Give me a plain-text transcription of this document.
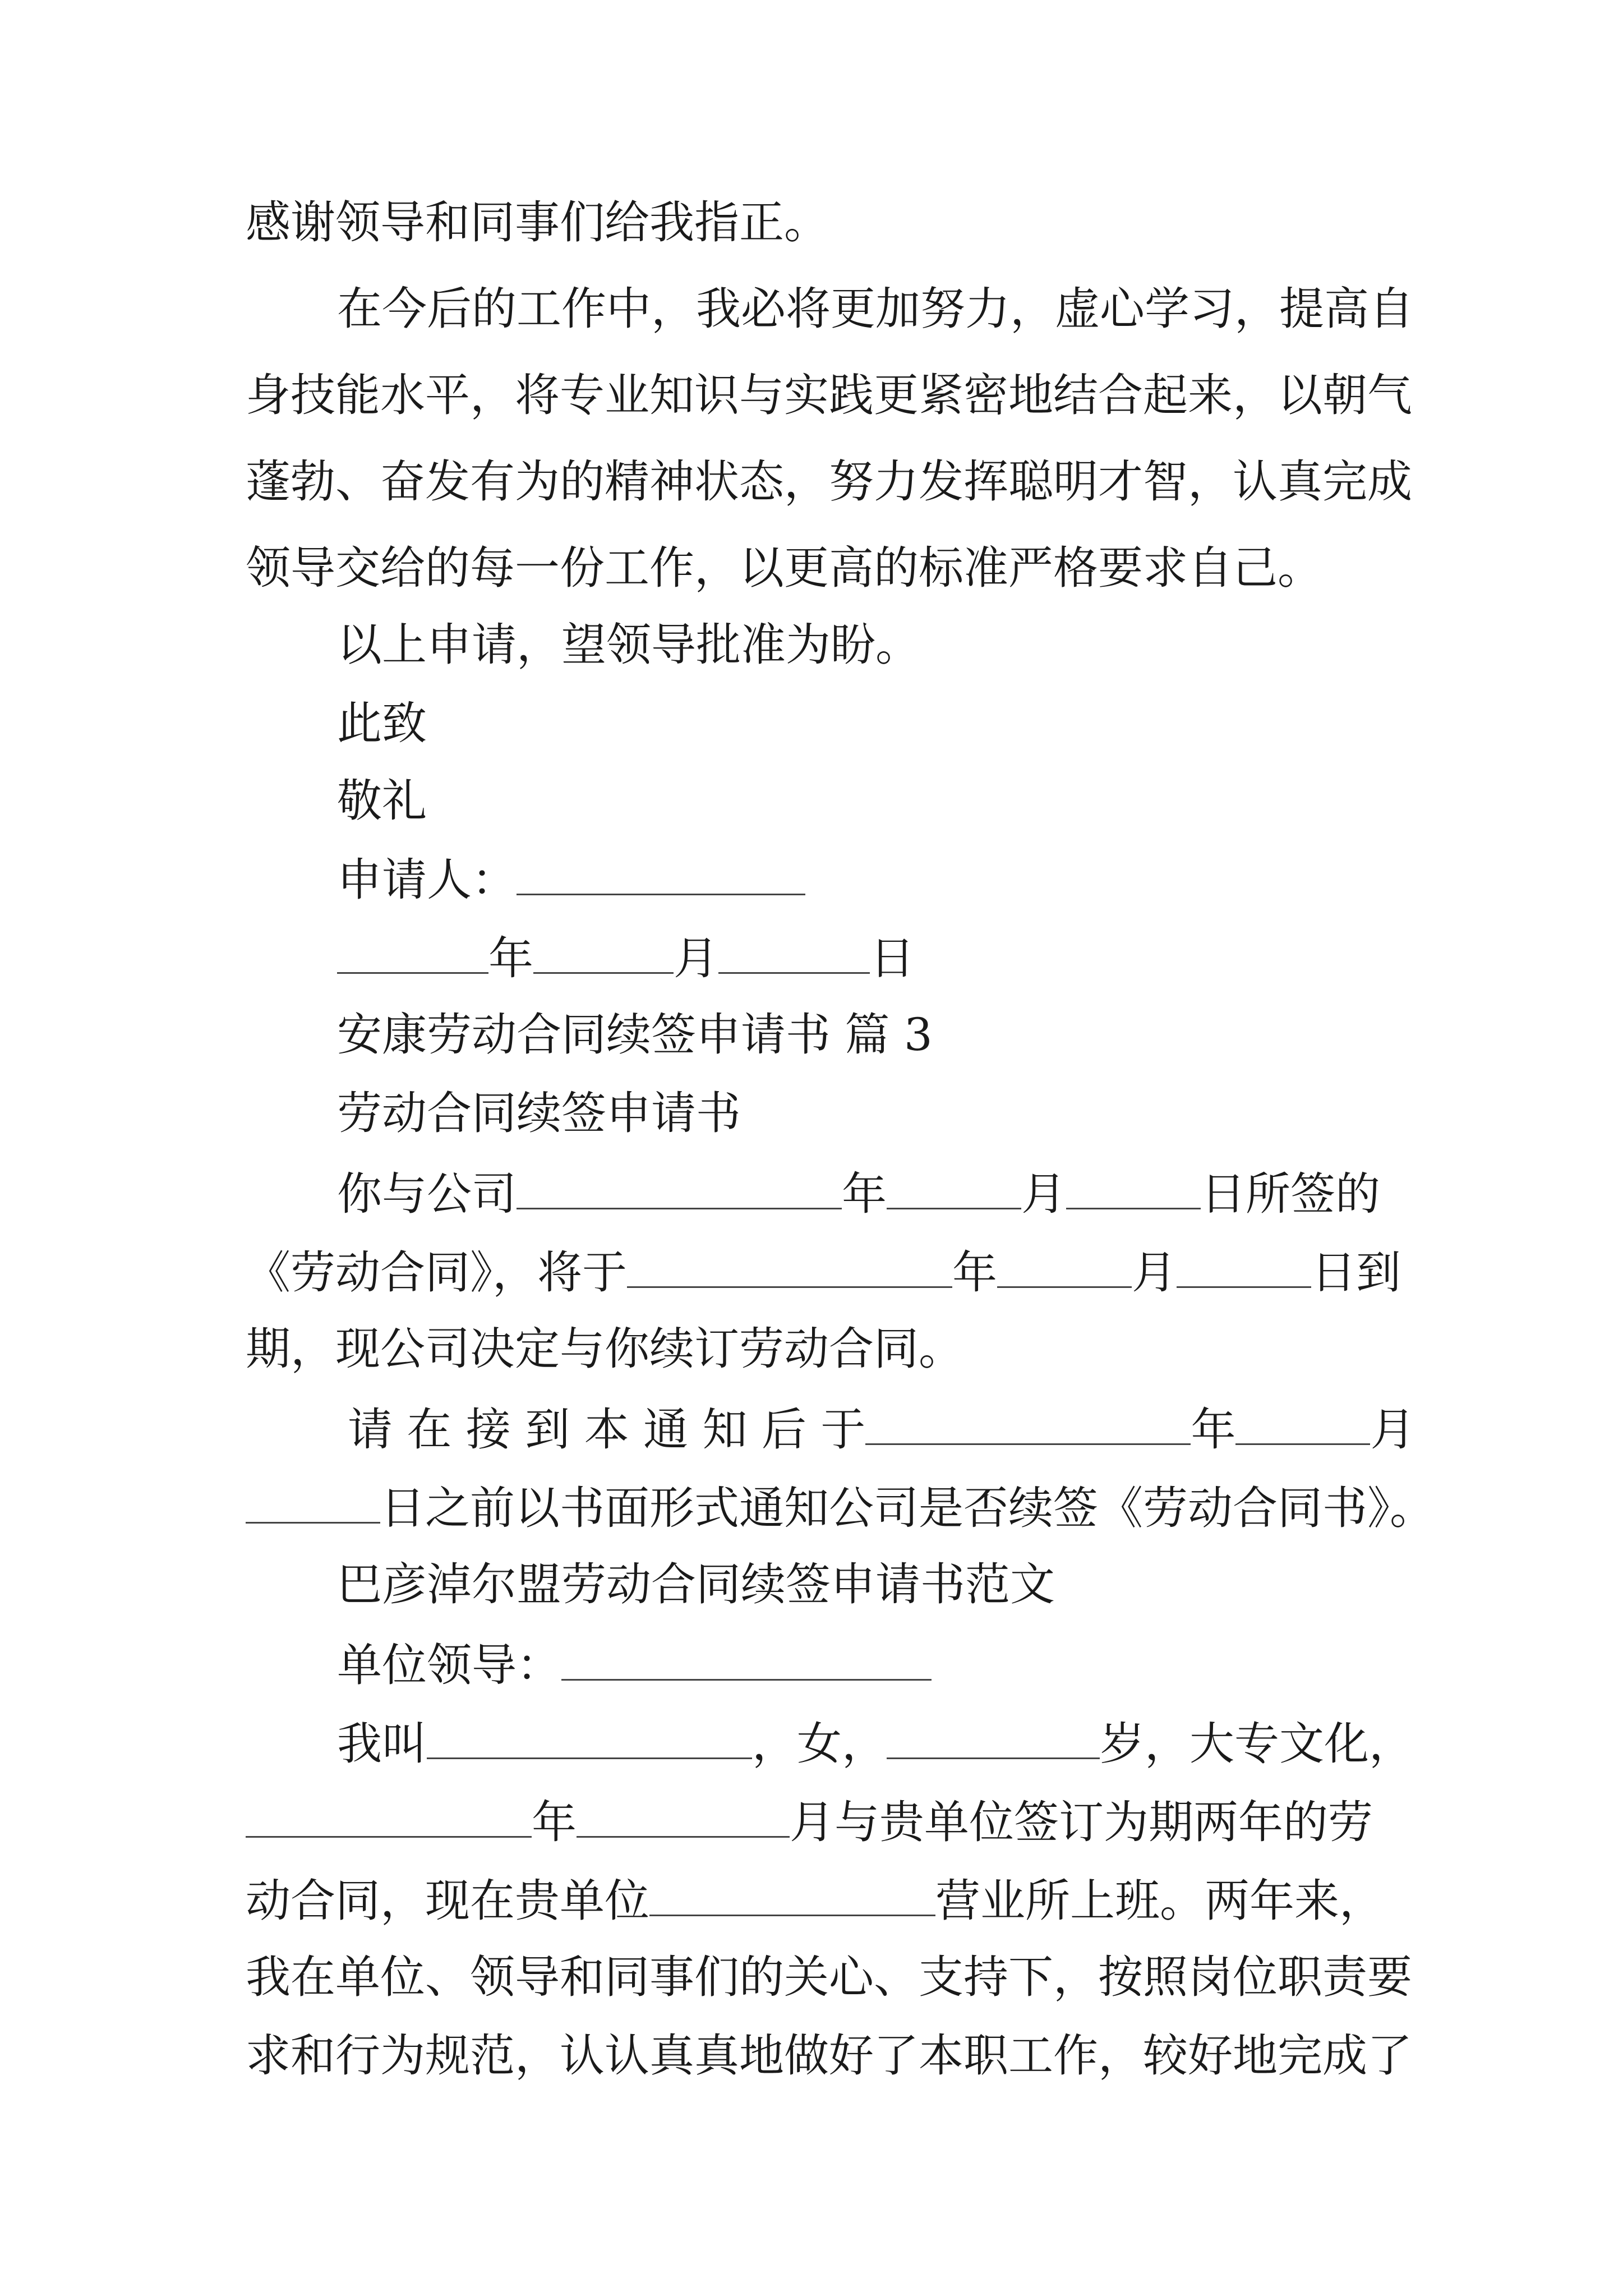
感谢领导和同事们给我指正。
在今后的工作中，我必将更加努力，虚心学习，提高自
身技能水平，将专业知识与实践更紧密地结合起来，以朝气
蓬勃、奋发有为的精神状态，努力发挥聪明才智，认真完成
领导交给的每一份工作，以更高的标准严格要求自己。
以上申请，望领导批准为盼。
此致
敬礼
申请人：
年	月	日
安康劳动合同续签申请书 篇 3
劳动合同续签申请书
你与公司	年	月	日所签的
《劳动合同》，将于	年	月	日到
期，现公司决定与你续订劳动合同。
请 在 接 到 本 通 知 后 于	年	月
日之前以书面形式通知公司是否续签《劳动合同书》。
巴彦淖尔盟劳动合同续签申请书范文
单位领导：
我叫	，女，	岁，大专文化，
年	月与贵单位签订为期两年的劳
动合同，现在贵单位	营业所上班。两年来，
我在单位、领导和同事们的关心、支持下，按照岗位职责要
求和行为规范，认认真真地做好了本职工作，较好地完成了
